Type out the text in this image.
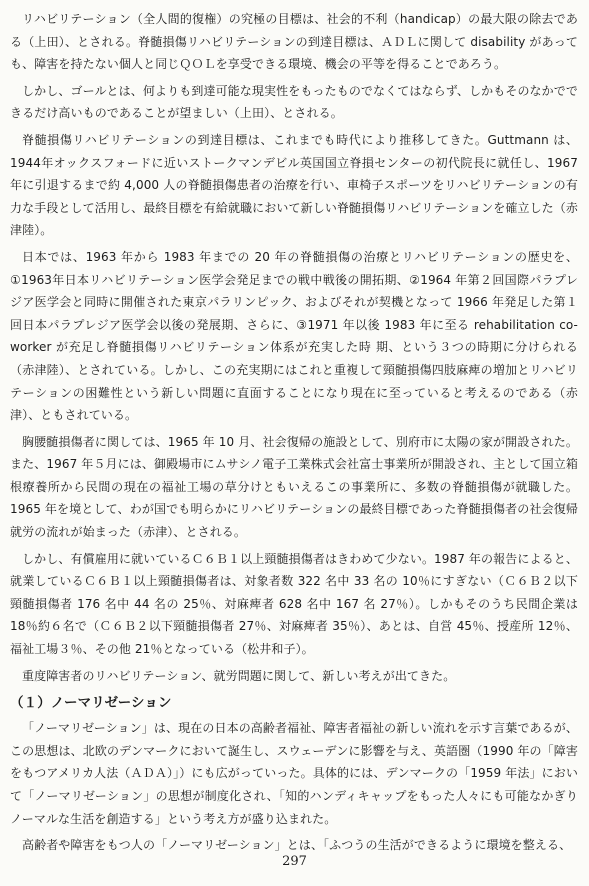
リハビリテーション（全人間的復権）の究極の目標は、社会的不利（handicap）の最大限の除去である（上田）、とされる。脊髄損傷リハビリテーションの到達目標は、ＡＤＬに関して disability があっても、障害を持たない個人と同じＱＯＬを享受できる環境、機会の平等を得ることであろう。

しかし、ゴールとは、何よりも到達可能な現実性をもったものでなくてはならず、しかもそのなかでできるだけ高いものであることが望ましい（上田）、とされる。

脊髄損傷リハビリテーションの到達目標は、これまでも時代により推移してきた。Guttmann は、1944年オックスフォードに近いストークマンデビル英国国立脊損センターの初代院長に就任し、1967 年に引退するまで約 4,000 人の脊髄損傷患者の治療を行い、車椅子スポーツをリハビリテーションの有力な手段として活用し、最終目標を有給就職において新しい脊髄損傷リハビリテーションを確立した（赤津陸）。

日本では、1963 年から 1983 年までの 20 年の脊髄損傷の治療とリハビリテーションの歴史を、①1963年日本リハビリテーション医学会発足までの戦中戦後の開拓期、②1964 年第２回国際パラプレジア医学会と同時に開催された東京パラリンピック、およびそれが契機となって 1966 年発足した第１回日本パラプレジア医学会以後の発展期、さらに、③1971 年以後 1983 年に至る rehabilitation co-worker が充足し脊髄損傷リハビリテーション体系が充実した時 期、という３つの時期に分けられる（赤津陸）、とされている。しかし、この充実期にはこれと重複して頸髄損傷四肢麻痺の増加とリハビリテーションの困難性という新しい問題に直面することになり現在に至っていると考えるのである（赤津）、ともされている。

胸腰髄損傷者に関しては、1965 年 10 月、社会復帰の施設として、別府市に太陽の家が開設された。また、1967 年５月には、御殿場市にムサシノ電子工業株式会社富士事業所が開設され、主として国立箱根療養所から民間の現在の福祉工場の草分けともいえるこの事業所に、多数の脊髄損傷が就職した。1965 年を境として、わが国でも明らかにリハビリテーションの最終目標であった脊髄損傷者の社会復帰就労の流れが始まった（赤津）、とされる。

しかし、有償雇用に就いているＣ６Ｂ１以上頸髄損傷者はきわめて少ない。1987 年の報告によると、就業しているＣ６Ｂ１以上頸髄損傷者は、対象者数 322 名中 33 名の 10％にすぎない（Ｃ６Ｂ２以下頸髄損傷者 176 名中 44 名の 25％、対麻痺者 628 名中 167 名 27％）。しかもそのうち民間企業は 18％約６名で（Ｃ６Ｂ２以下頸髄損傷者 27％、対麻痺者 35％）、あとは、自営 45％、授産所 12％、福祉工場３％、その他 21％となっている（松井和子）。

重度障害者のリハビリテーション、就労問題に関して、新しい考えが出てきた。

（１）ノーマリゼーション

「ノーマリゼーション」は、現在の日本の高齢者福祉、障害者福祉の新しい流れを示す言葉であるが、この思想は、北欧のデンマークにおいて誕生し、スウェーデンに影響を与え、英語圏（1990 年の「障害をもつアメリカ人法（ＡＤＡ）」）にも広がっていった。具体的には、デンマークの「1959 年法」において「ノーマリゼーション」の思想が制度化され、「知的ハンディキャップをもった人々にも可能なかぎりノーマルな生活を創造する」という考え方が盛り込まれた。

高齢者や障害をもつ人の「ノーマリゼーション」とは、「ふつうの生活ができるように環境を整える、

297
